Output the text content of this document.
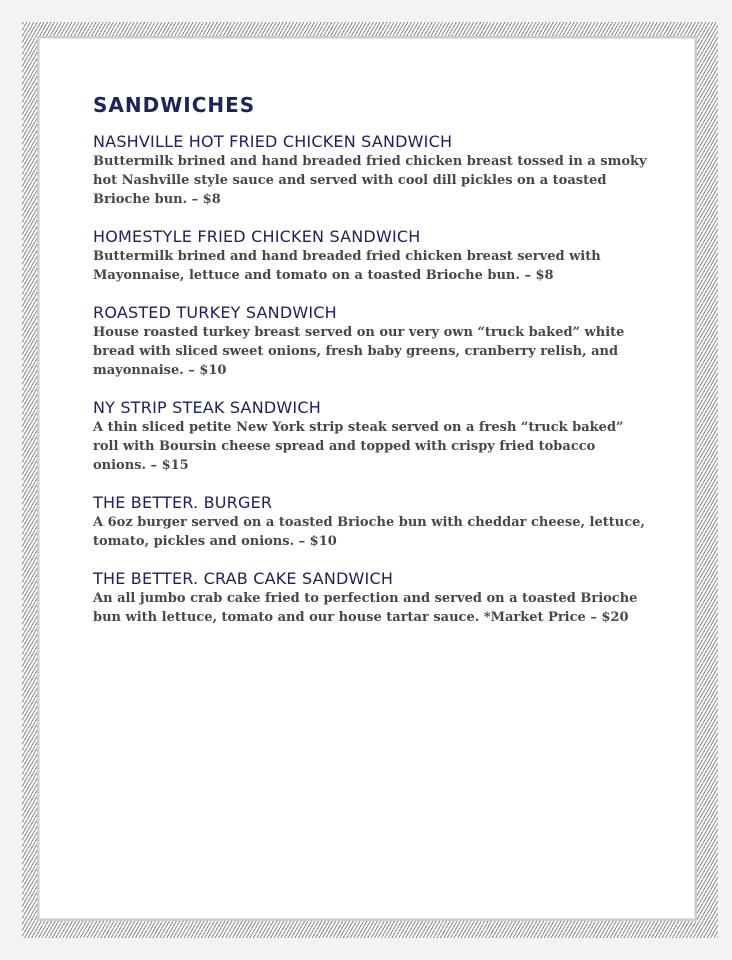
SANDWICHES

NASHVILLE HOT FRIED CHICKEN SANDWICH

Buttermilk brined and hand breaded fried chicken breast tossed in a smoky
hot Nashville style sauce and served with cool dill pickles on a toasted
Brioche bun. – $8

HOMESTYLE FRIED CHICKEN SANDWICH

Buttermilk brined and hand breaded fried chicken breast served with
Mayonnaise, lettuce and tomato on a toasted Brioche bun. – $8

ROASTED TURKEY SANDWICH

House roasted turkey breast served on our very own “truck baked” white
bread with sliced sweet onions, fresh baby greens, cranberry relish, and
mayonnaise. – $10

NY STRIP STEAK SANDWICH

A thin sliced petite New York strip steak served on a fresh “truck baked”
roll with Boursin cheese spread and topped with crispy fried tobacco
onions. – $15

THE BETTER. BURGER

A 6oz burger served on a toasted Brioche bun with cheddar cheese, lettuce,
tomato, pickles and onions. – $10

THE BETTER. CRAB CAKE SANDWICH

An all jumbo crab cake fried to perfection and served on a toasted Brioche
bun with lettuce, tomato and our house tartar sauce. *Market Price – $20
